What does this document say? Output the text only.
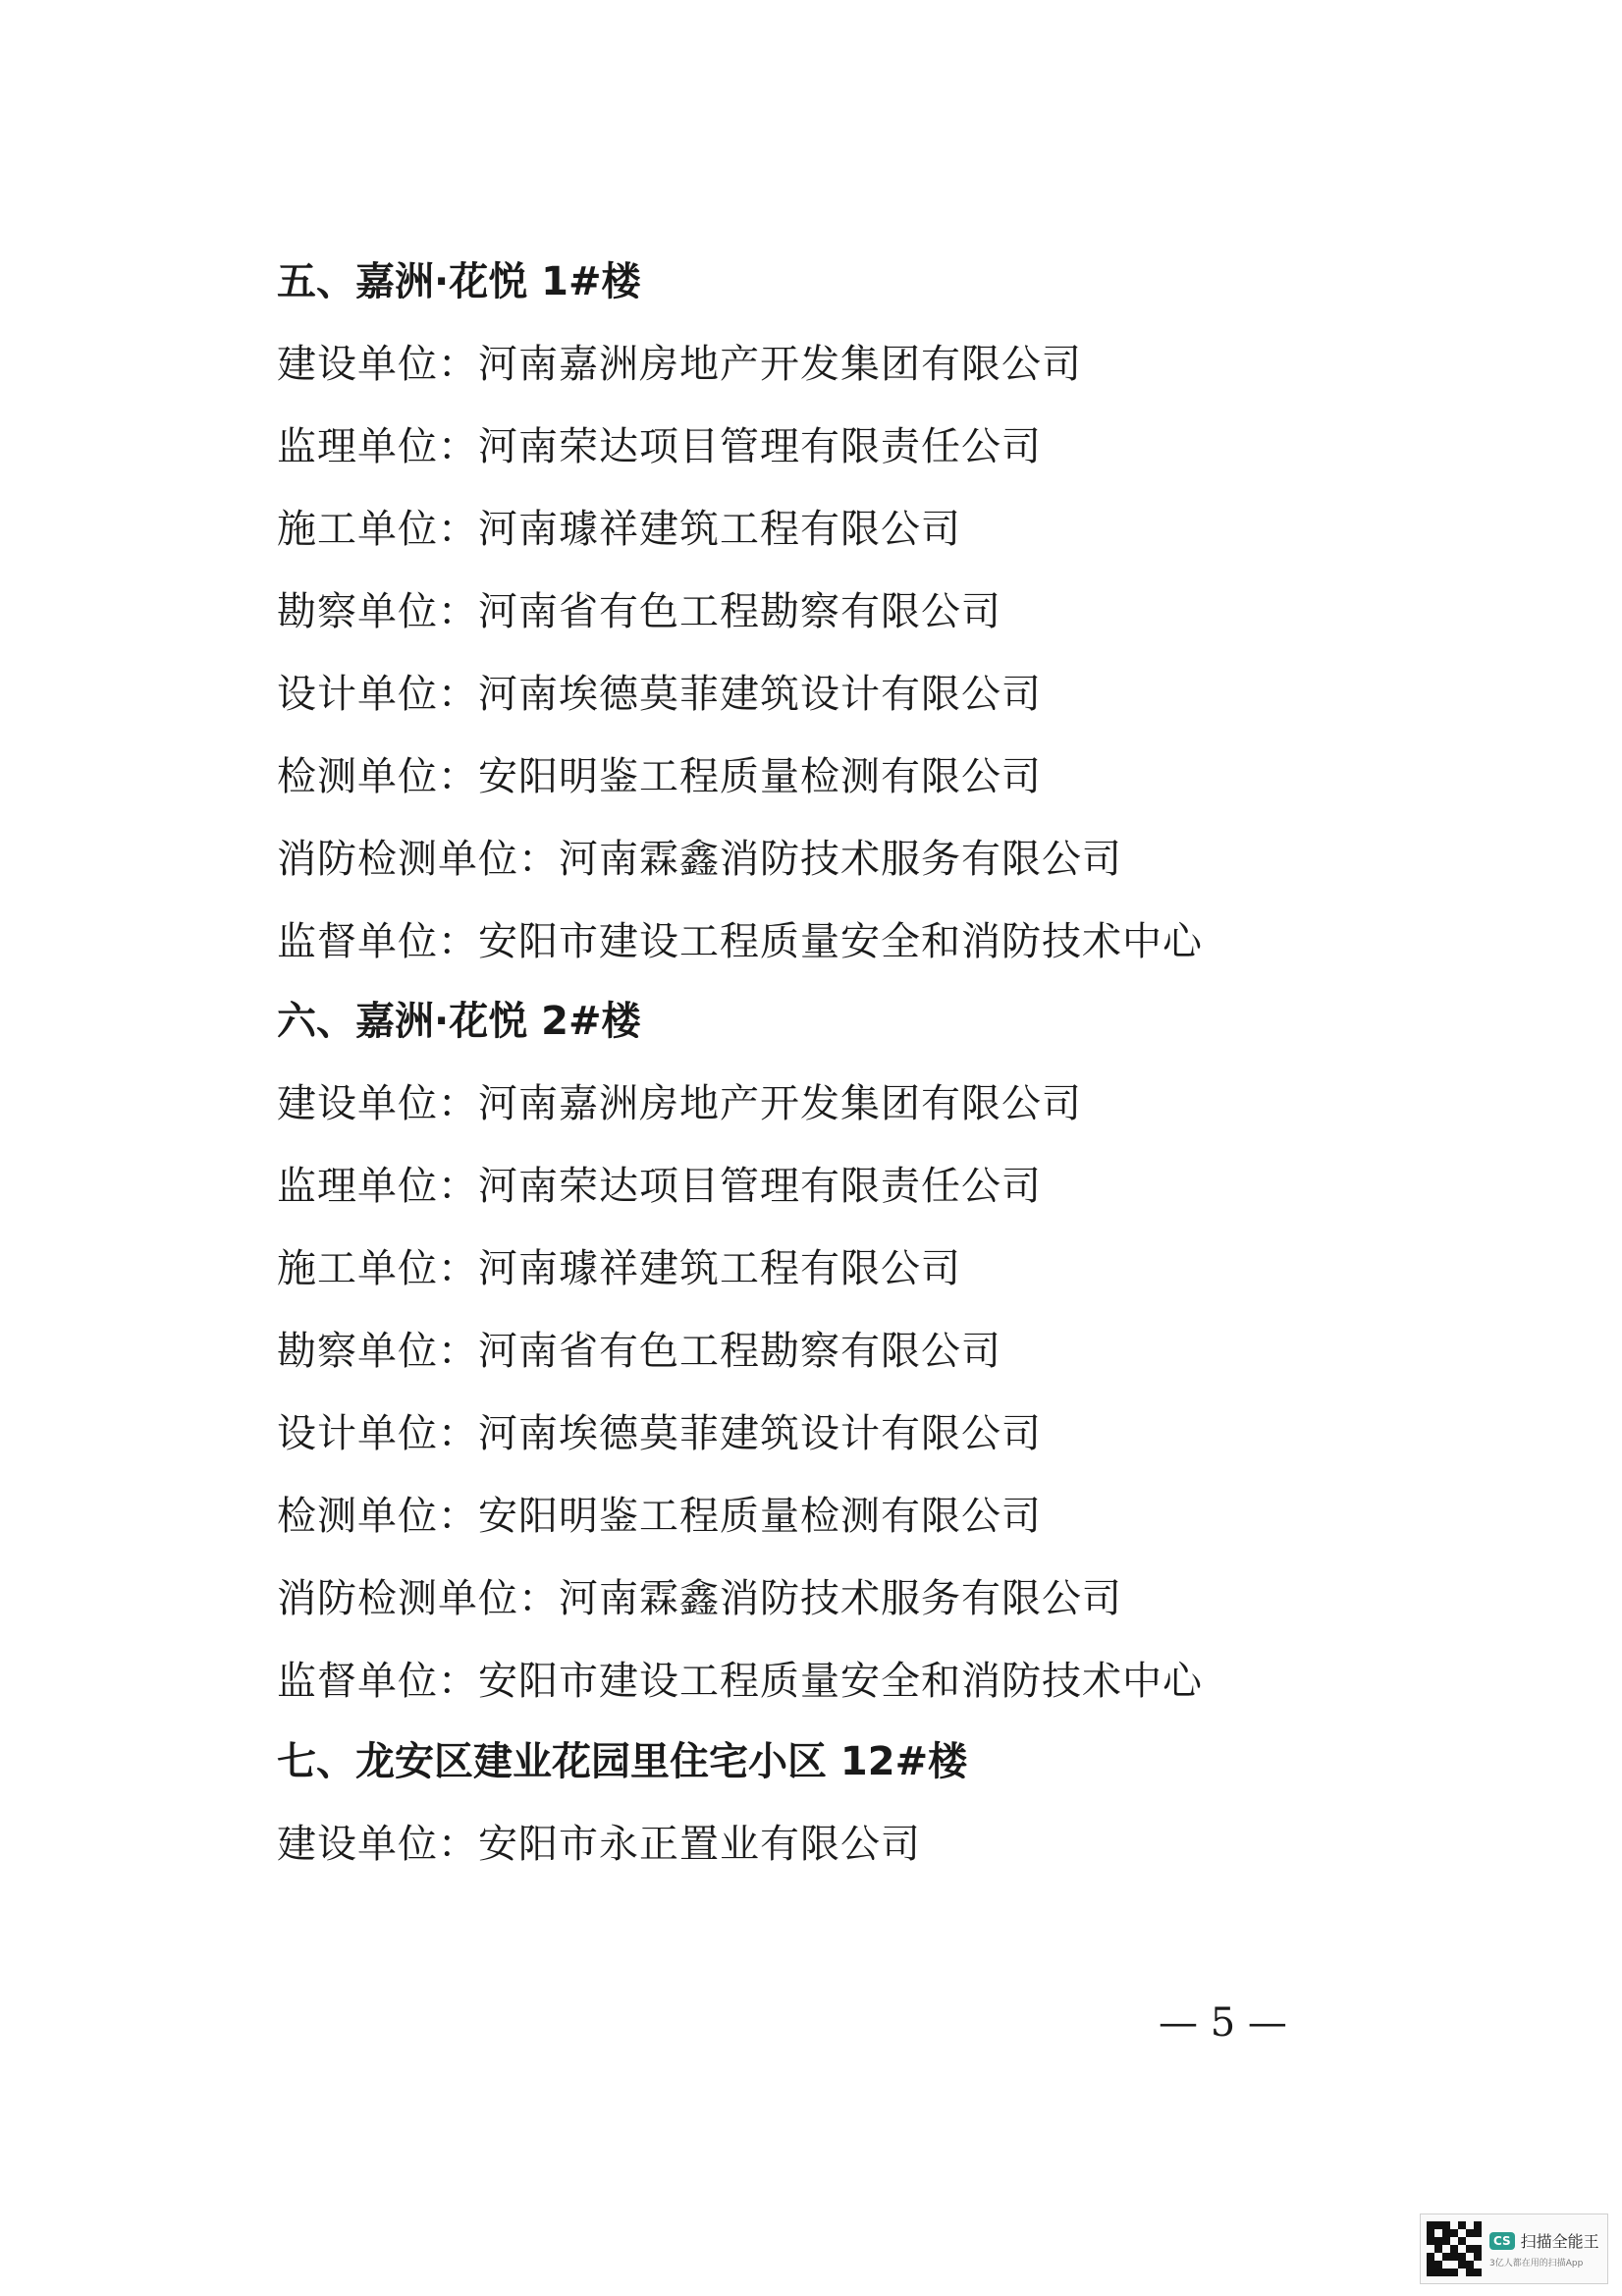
五、嘉洲·花悦 1#楼
建设单位：河南嘉洲房地产开发集团有限公司
监理单位：河南荣达项目管理有限责任公司
施工单位：河南璩祥建筑工程有限公司
勘察单位：河南省有色工程勘察有限公司
设计单位：河南埃德莫菲建筑设计有限公司
检测单位：安阳明鉴工程质量检测有限公司
消防检测单位：河南霖鑫消防技术服务有限公司
监督单位：安阳市建设工程质量安全和消防技术中心
六、嘉洲·花悦 2#楼
建设单位：河南嘉洲房地产开发集团有限公司
监理单位：河南荣达项目管理有限责任公司
施工单位：河南璩祥建筑工程有限公司
勘察单位：河南省有色工程勘察有限公司
设计单位：河南埃德莫菲建筑设计有限公司
检测单位：安阳明鉴工程质量检测有限公司
消防检测单位：河南霖鑫消防技术服务有限公司
监督单位：安阳市建设工程质量安全和消防技术中心
七、龙安区建业花园里住宅小区 12#楼
建设单位：安阳市永正置业有限公司
— 5 —
CS 扫描全能王
3亿人都在用的扫描App
